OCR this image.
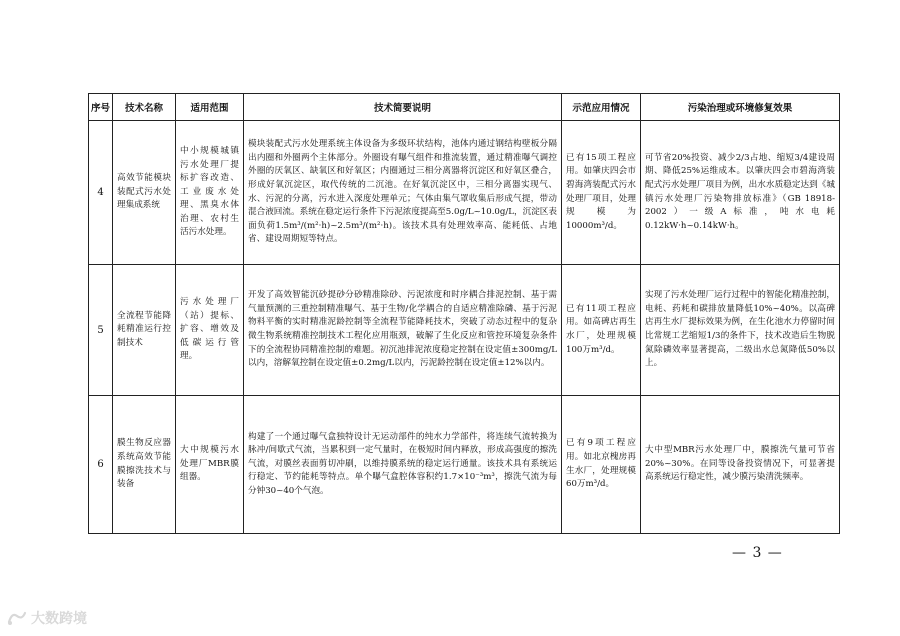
序号	技术名称	适用范围	技术简要说明	示范应用情况	污染治理或环境修复效果
4	高效节能模块装配式污水处理集成系统	中小规模城镇污水处理厂提标扩容改造、工业废水处理、黑臭水体治理、农村生活污水处理。	模块装配式污水处理系统主体设备为多级环状结构，池体内通过钢结构壁板分隔出内圈和外圈两个主体部分。外圈设有曝气组件和推流装置，通过精准曝气调控外圈的厌氧区、缺氧区和好氧区；内圈通过三相分离器将沉淀区和好氧区叠合，形成好氧沉淀区，取代传统的二沉池。在好氧沉淀区中，三相分离器实现气、水、污泥的分离，污水进入深度处理单元；气体由集气罩收集后形成气提，带动混合液回流。系统在稳定运行条件下污泥浓度提高至5.0g/L~10.0g/L，沉淀区表面负荷1.5m³/(m²·h)~2.5m³/(m²·h)。该技术具有处理效率高、能耗低、占地省、建设周期短等特点。	已有15项工程应用。如肇庆四会市碧海湾装配式污水处理厂项目，处理规模为10000m³/d。	可节省20%投资、减少2/3占地、缩短3/4建设周期、降低25%运维成本。以肇庆四会市碧海湾装配式污水处理厂项目为例，出水水质稳定达到《城镇污水处理厂污染物排放标准》（GB 18918-2002）一级A标准，吨水电耗0.12kW·h~0.14kW·h。

5	全流程节能降耗精准运行控制技术	污水处理厂（站）提标、扩容、增效及低碳运行管理。	开发了高效智能沉砂提砂分砂精准除砂、污泥浓度和时序耦合排泥控制、基于需气量预测的三重控制精准曝气、基于生物/化学耦合的自适应精准除磷、基于污泥物料平衡的实时精准泥龄控制等全流程节能降耗技术，突破了动态过程中的复杂微生物系统精准控制技术工程化应用瓶颈，破解了生化反应和管控环境复杂条件下的全流程协同精准控制的难题。初沉池排泥浓度稳定控制在设定值±300mg/L以内，溶解氧控制在设定值±0.2mg/L以内，污泥龄控制在设定值±12%以内。	已有11项工程应用。如高碑店再生水厂，处理规模100万m³/d。	实现了污水处理厂运行过程中的智能化精准控制，电耗、药耗和碳排放量降低10%~40%。以高碑店再生水厂提标效果为例，在生化池水力停留时间比常规工艺缩短1/3的条件下，技术改造后生物脱氮除磷效率显著提高，二级出水总氮降低50%以上。

6	膜生物反应器系统高效节能膜擦洗技术与装备	大中规模污水处理厂MBR膜组器。	构建了一个通过曝气盒独特设计无运动部件的纯水力学部件，将连续气流转换为脉冲/间歇式气流，当累积到一定气量时，在极短时间内释放，形成高强度的擦洗气流，对膜丝表面剪切冲刷，以维持膜系统的稳定运行通量。该技术具有系统运行稳定、节约能耗等特点。单个曝气盒腔体容积约1.7×10⁻³m³，擦洗气流为每分钟30~40个气泡。	已有9项工程应用。如北京槐房再生水厂，处理规模60万m³/d。	大中型MBR污水处理厂中，膜擦洗气量可节省20%~30%。在同等设备投资情况下，可显著提高系统运行稳定性，减少膜污染清洗频率。
— 3 —
大数跨境
